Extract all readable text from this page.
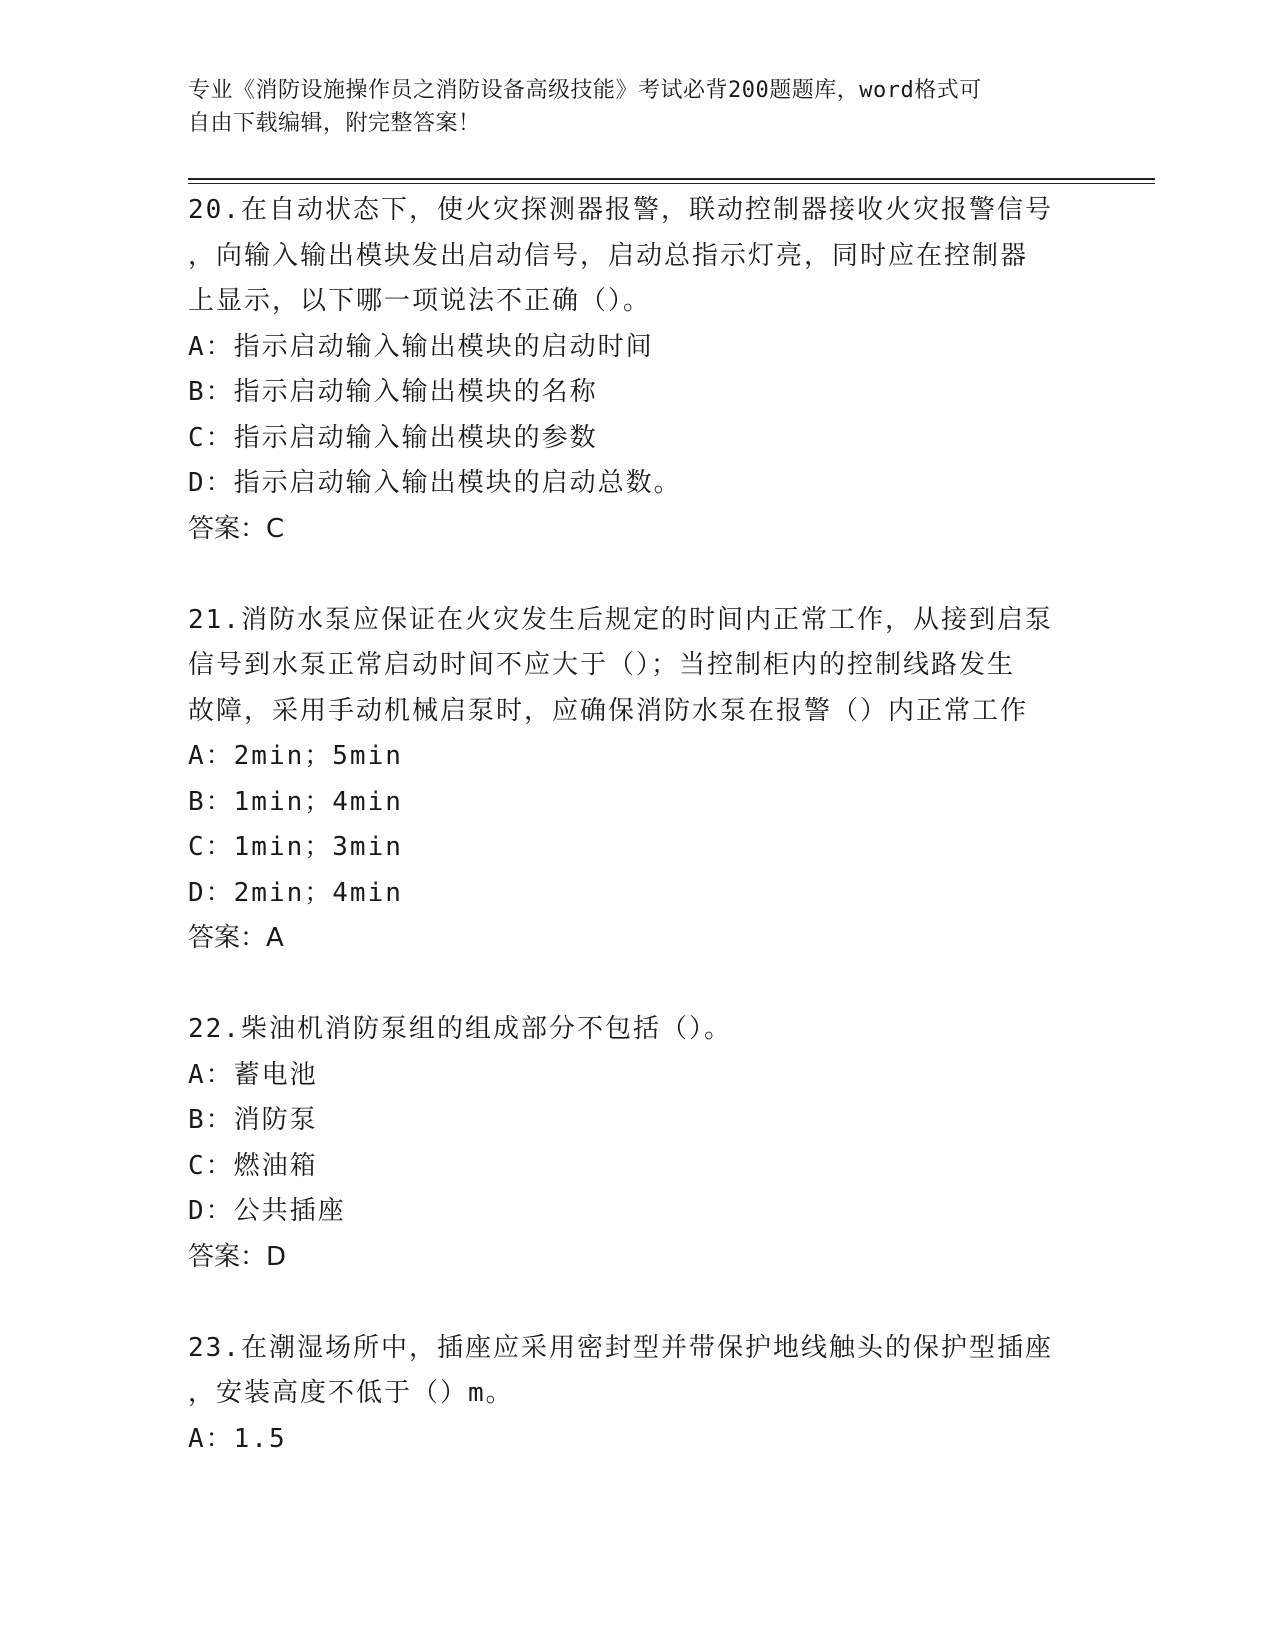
专业《消防设施操作员之消防设备高级技能》考试必背200题题库，word格式可
自由下载编辑，附完整答案！
20.在自动状态下，使火灾探测器报警，联动控制器接收火灾报警信号
，向输入输出模块发出启动信号，启动总指示灯亮，同时应在控制器
上显示，以下哪一项说法不正确（）。
A：指示启动输入输出模块的启动时间
B：指示启动输入输出模块的名称
C：指示启动输入输出模块的参数
D：指示启动输入输出模块的启动总数。
答案：C
21.消防水泵应保证在火灾发生后规定的时间内正常工作，从接到启泵
信号到水泵正常启动时间不应大于（）；当控制柜内的控制线路发生
故障，采用手动机械启泵时，应确保消防水泵在报警（）内正常工作
A：2min；5min
B：1min；4min
C：1min；3min
D：2min；4min
答案：A
22.柴油机消防泵组的组成部分不包括（）。
A：蓄电池
B：消防泵
C：燃油箱
D：公共插座
答案：D
23.在潮湿场所中，插座应采用密封型并带保护地线触头的保护型插座
，安装高度不低于（）m。
A：1.5
